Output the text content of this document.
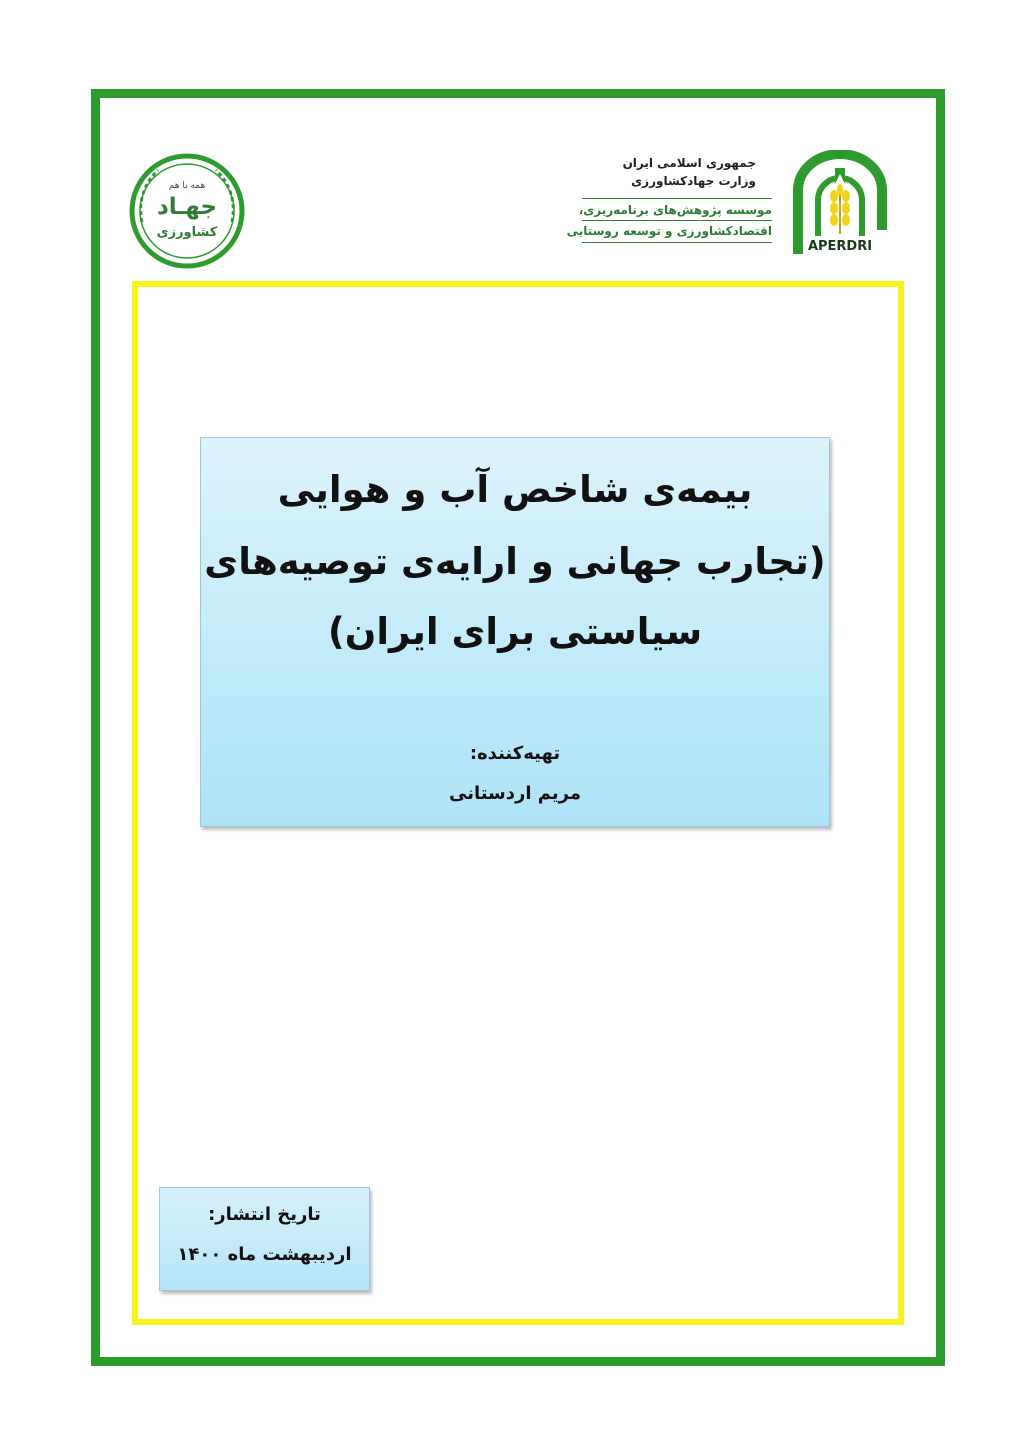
همه با هم
جهـاد
کشاورزی
جمهوری اسلامی ایران
وزارت جهادکشاورزی
موسسه پژوهش‌های برنامه‌ریزی،
اقتصادکشاورزی و توسعه روستایی
APERDRI
بیمه‌ی شاخص آب و هوایی
(تجارب جهانی و ارایه‌ی توصیه‌های
سیاستی برای ایران)
تهیه‌کننده:
مریم اردستانی
تاریخ انتشار:
اردیبهشت ماه ۱۴۰۰
